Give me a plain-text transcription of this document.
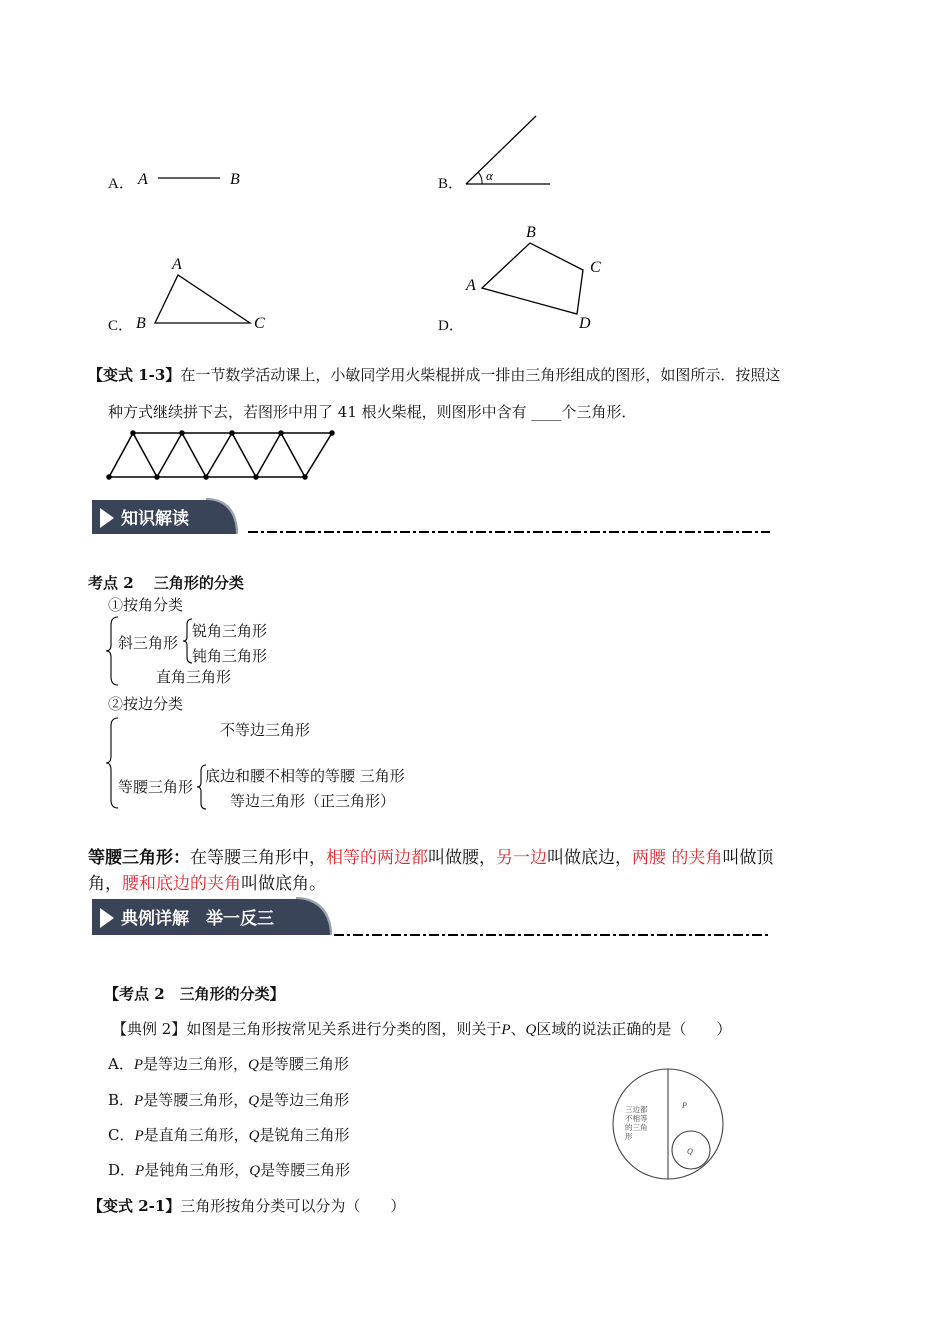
A． A	B	B．
α
C．
A
B	C	D．
A
B
C
D
【变式 1-3】在一节数学活动课上，小敏同学用火柴棍拼成一排由三角形组成的图形，如图所示．按照这
种方式继续拼下去，若图形中用了 41 根火柴棍，则图形中含有 ____个三角形．
知识解读
考点 2　 三角形的分类
①按角分类
斜三角形
锐角三角形
钝角三角形
直角三角形
②按边分类
不等边三角形
等腰三角形
底边和腰不相等的等腰 三角形
等边三角形（正三角形）
等腰三角形：在等腰三角形中，相等的两边都叫做腰，另一边叫做底边，两腰 的夹角叫做顶
角，腰和底边的夹角叫做底角。
典例详解　举一反三
【考点 2　三角形的分类】
【典例 2】如图是三角形按常见关系进行分类的图，则关于P、Q区域的说法正确的是（　　）
A．P是等边三角形，Q是等腰三角形
B．P是等腰三角形，Q是等边三角形
C．P是直角三角形，Q是锐角三角形
D．P是钝角三角形，Q是等腰三角形
三边都
不相等
的三角
形
P
Q
【变式 2-1】三角形按角分类可以分为（　　）
